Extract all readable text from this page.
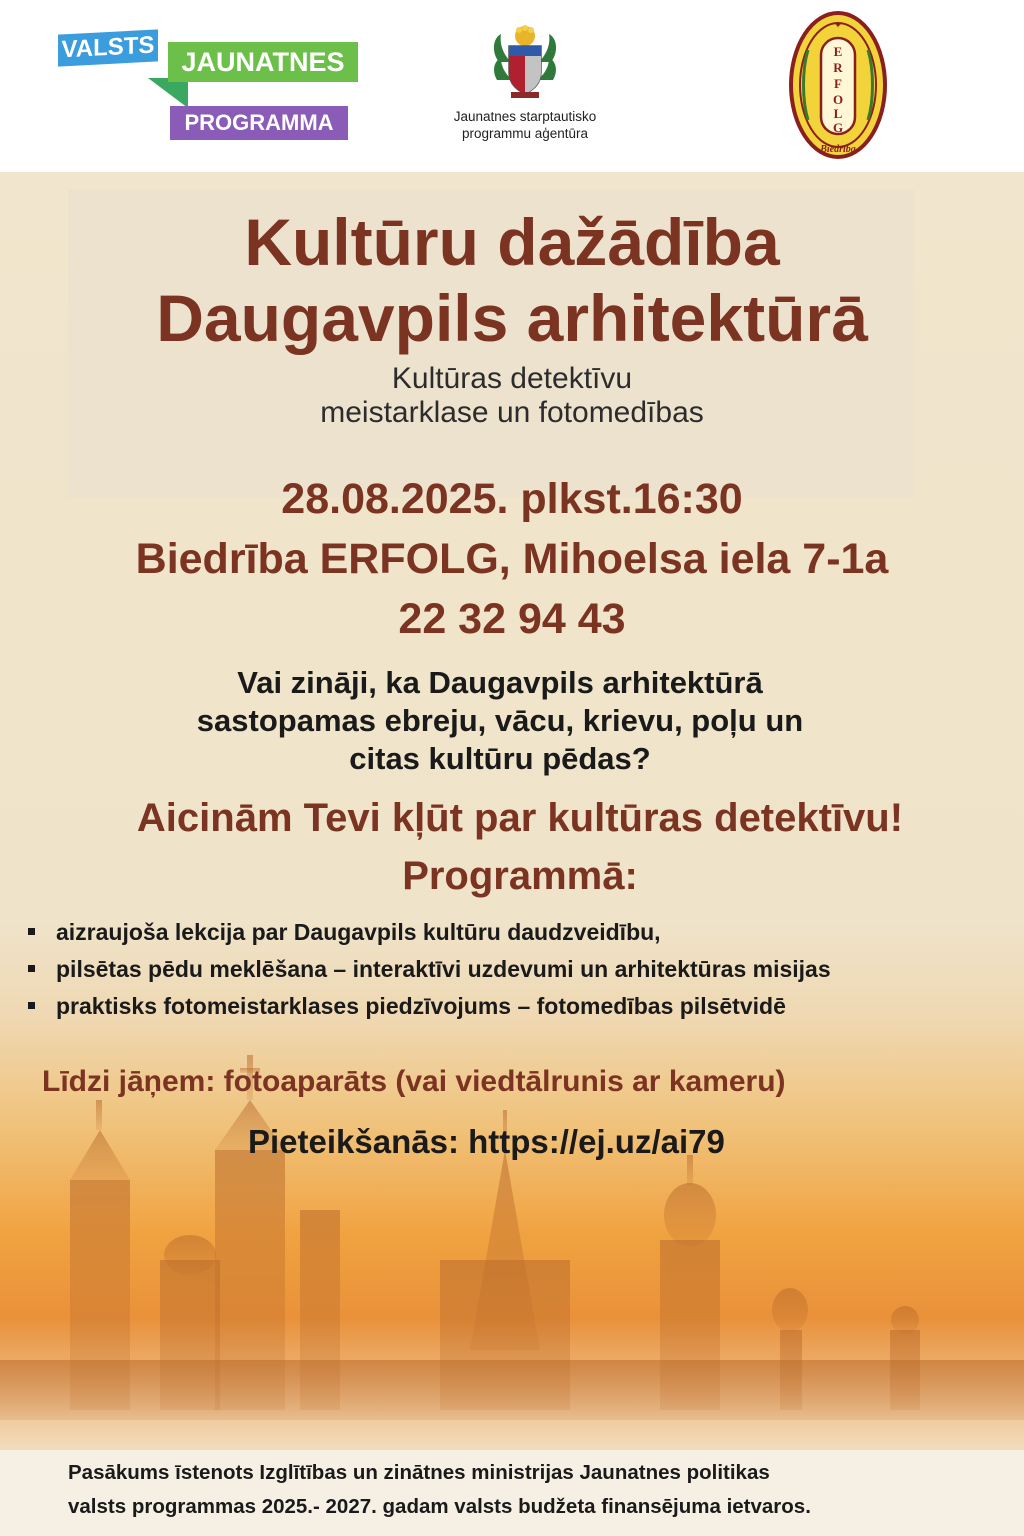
VALSTS	JAUNATNES
PROGRAMMA	Jaunatnes starptautisko
programmu aģentūra
E
R
F
O
L
G
✦
Biedrība
Kultūru dažādība
Daugavpils arhitektūrā
Kultūras detektīvu
meistarklase un fotomedības
28.08.2025. plkst.16:30
Biedrība ERFOLG, Mihoelsa iela 7-1a
22 32 94 43
Vai zināji, ka Daugavpils arhitektūrā
sastopamas ebreju, vācu, krievu, poļu un
citas kultūru pēdas?
Aicinām Tevi kļūt par kultūras detektīvu!
Programmā:
aizraujoša lekcija par Daugavpils kultūru daudzveidību,
pilsētas pēdu meklēšana – interaktīvi uzdevumi un arhitektūras misijas
praktisks fotomeistarklases piedzīvojums – fotomedības pilsētvidē
Līdzi jāņem: fotoaparāts (vai viedtālrunis ar kameru)
Pieteikšanās: https://ej.uz/ai79
Pasākums īstenots Izglītības un zinātnes ministrijas Jaunatnes politikas
valsts programmas 2025.- 2027. gadam valsts budžeta finansējuma ietvaros.
